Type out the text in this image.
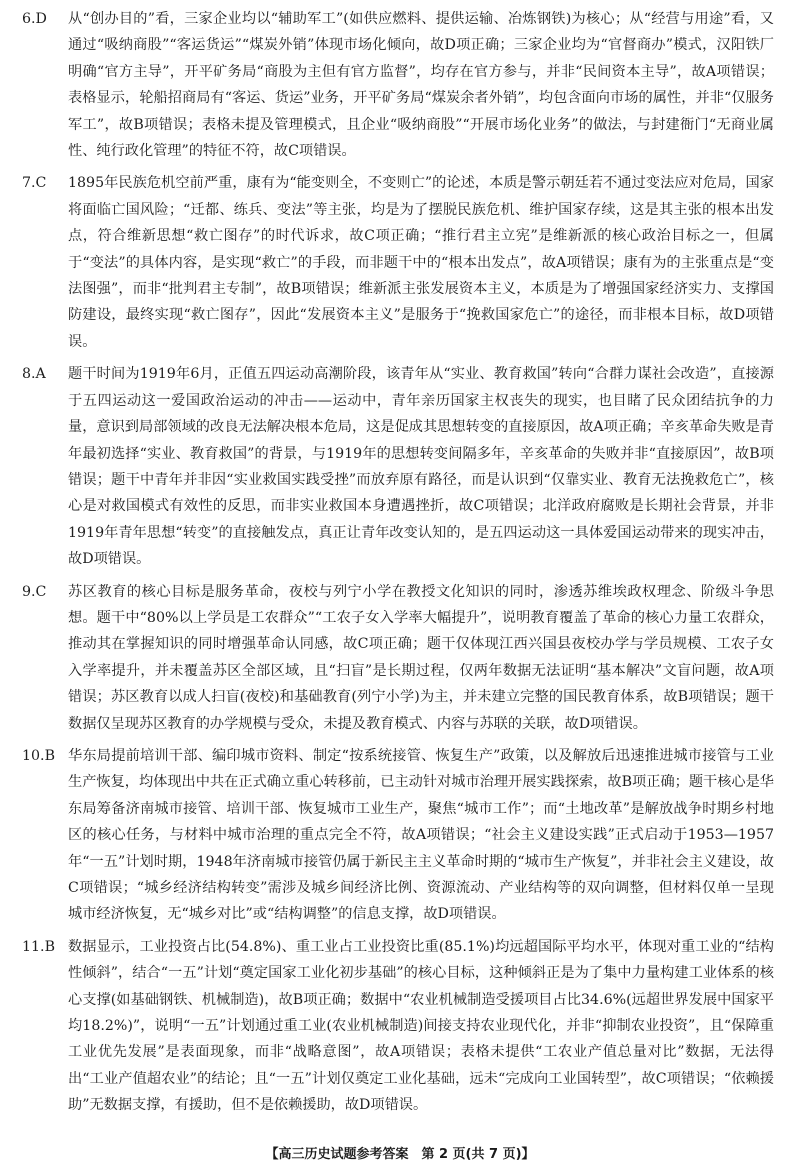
6.D	从“创办目的”看，三家企业均以“辅助军工”(如供应燃料、提供运输、冶炼钢铁)为核心；从“经营与用途”看，又通过“吸纳商股”“客运货运”“煤炭外销”体现市场化倾向，故D项正确；三家企业均为“官督商办”模式，汉阳铁厂明确“官方主导”，开平矿务局“商股为主但有官方监督”，均存在官方参与，并非“民间资本主导”，故A项错误；表格显示，轮船招商局有“客运、货运”业务，开平矿务局“煤炭余者外销”，均包含面向市场的属性，并非“仅服务军工”，故B项错误；表格未提及管理模式，且企业“吸纳商股”“开展市场化业务”的做法，与封建衙门“无商业属性、纯行政化管理”的特征不符，故C项错误。

7.C	1895年民族危机空前严重，康有为“能变则全，不变则亡”的论述，本质是警示朝廷若不通过变法应对危局，国家将面临亡国风险；“迁都、练兵、变法”等主张，均是为了摆脱民族危机、维护国家存续，这是其主张的根本出发点，符合维新思想“救亡图存”的时代诉求，故C项正确；“推行君主立宪”是维新派的核心政治目标之一，但属于“变法”的具体内容，是实现“救亡”的手段，而非题干中的“根本出发点”，故A项错误；康有为的主张重点是“变法图强”，而非“批判君主专制”，故B项错误；维新派主张发展资本主义，本质是为了增强国家经济实力、支撑国防建设，最终实现“救亡图存”，因此“发展资本主义”是服务于“挽救国家危亡”的途径，而非根本目标，故D项错误。

8.A	题干时间为1919年6月，正值五四运动高潮阶段，该青年从“实业、教育救国”转向“合群力谋社会改造”，直接源于五四运动这一爱国政治运动的冲击——运动中，青年亲历国家主权丧失的现实，也目睹了民众团结抗争的力量，意识到局部领域的改良无法解决根本危局，这是促成其思想转变的直接原因，故A项正确；辛亥革命失败是青年最初选择“实业、教育救国”的背景，与1919年的思想转变间隔多年，辛亥革命的失败并非“直接原因”，故B项错误；题干中青年并非因“实业救国实践受挫”而放弃原有路径，而是认识到“仅靠实业、教育无法挽救危亡”，核心是对救国模式有效性的反思，而非实业救国本身遭遇挫折，故C项错误；北洋政府腐败是长期社会背景，并非1919年青年思想“转变”的直接触发点，真正让青年改变认知的，是五四运动这一具体爱国运动带来的现实冲击，故D项错误。

9.C	苏区教育的核心目标是服务革命，夜校与列宁小学在教授文化知识的同时，渗透苏维埃政权理念、阶级斗争思想。题干中“80%以上学员是工农群众”“工农子女入学率大幅提升”，说明教育覆盖了革命的核心力量工农群众，推动其在掌握知识的同时增强革命认同感，故C项正确；题干仅体现江西兴国县夜校办学与学员规模、工农子女入学率提升，并未覆盖苏区全部区域，且“扫盲”是长期过程，仅两年数据无法证明“基本解决”文盲问题，故A项错误；苏区教育以成人扫盲(夜校)和基础教育(列宁小学)为主，并未建立完整的国民教育体系，故B项错误；题干数据仅呈现苏区教育的办学规模与受众，未提及教育模式、内容与苏联的关联，故D项错误。

10.B 华东局提前培训干部、编印城市资料、制定“按系统接管、恢复生产”政策，以及解放后迅速推进城市接管与工业生产恢复，均体现出中共在正式确立重心转移前，已主动针对城市治理开展实践探索，故B项正确；题干核心是华东局筹备济南城市接管、培训干部、恢复城市工业生产，聚焦“城市工作”；而“土地改革”是解放战争时期乡村地区的核心任务，与材料中城市治理的重点完全不符，故A项错误；“社会主义建设实践”正式启动于1953—1957年“一五”计划时期，1948年济南城市接管仍属于新民主主义革命时期的“城市生产恢复”，并非社会主义建设，故C项错误；“城乡经济结构转变”需涉及城乡间经济比例、资源流动、产业结构等的双向调整，但材料仅单一呈现城市经济恢复，无“城乡对比”或“结构调整”的信息支撑，故D项错误。

11.B 数据显示，工业投资占比(54.8%)、重工业占工业投资比重(85.1%)均远超国际平均水平，体现对重工业的“结构性倾斜”，结合“一五”计划“奠定国家工业化初步基础”的核心目标，这种倾斜正是为了集中力量构建工业体系的核心支撑(如基础钢铁、机械制造)，故B项正确；数据中“农业机械制造受援项目占比34.6%(远超世界发展中国家平均18.2%)”，说明“一五”计划通过重工业(农业机械制造)间接支持农业现代化，并非“抑制农业投资”，且“保障重工业优先发展”是表面现象，而非“战略意图”，故A项错误；表格未提供“工农业产值总量对比”数据，无法得出“工业产值超农业”的结论；且“一五”计划仅奠定工业化基础，远未“完成向工业国转型”，故C项错误；“依赖援助”无数据支撑，有援助，但不是依赖援助，故D项错误。

【高三历史试题参考答案　第 2 页(共 7 页)】
